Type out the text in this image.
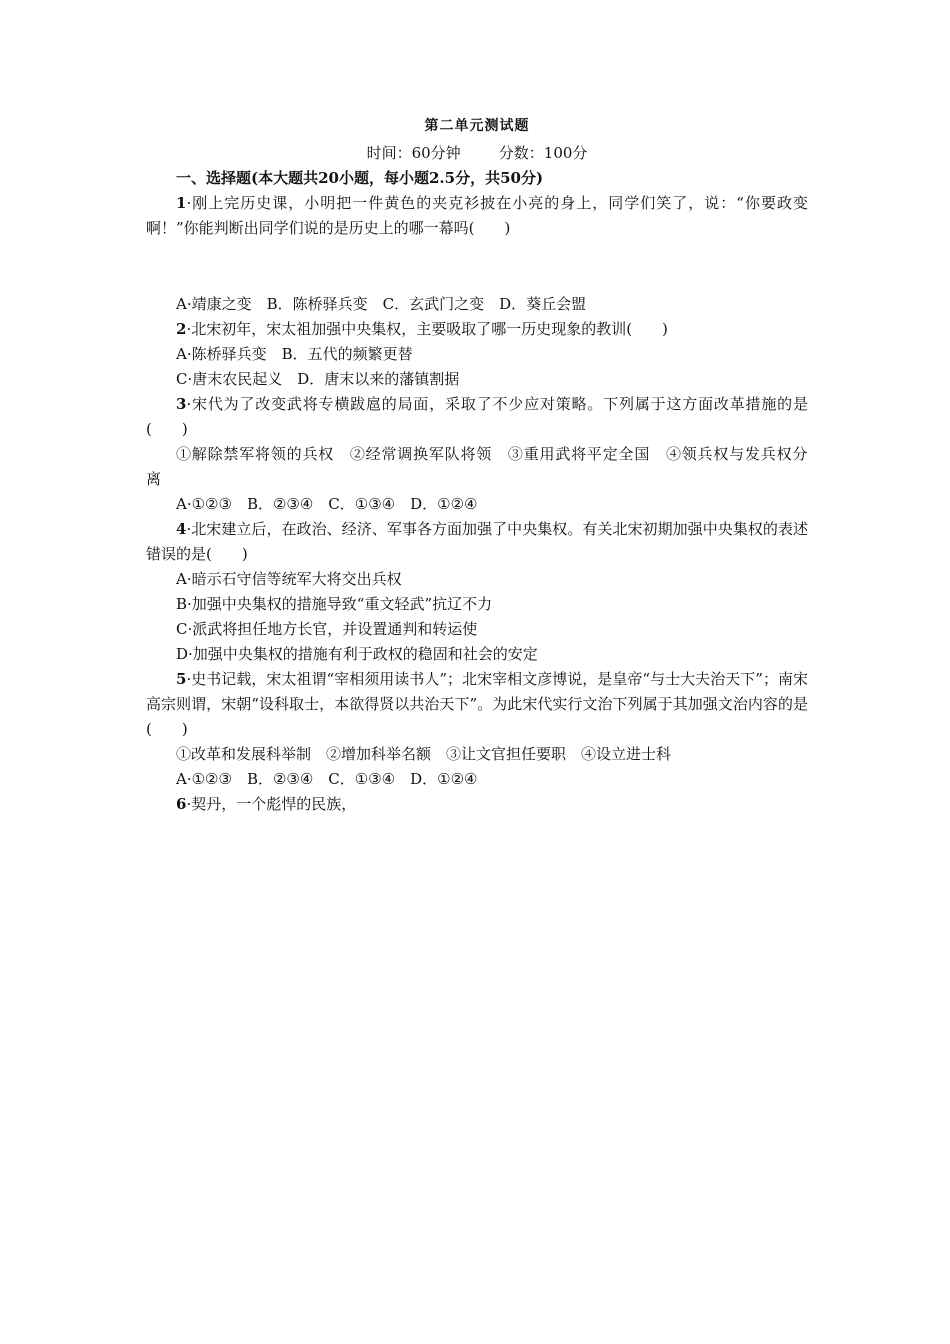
第二单元测试题
时间：60分钟        分数：100分
一、选择题(本大题共20小题，每小题2.5分，共50分)
1·刚上完历史课，小明把一件黄色的夹克衫披在小亮的身上，同学们笑了，说：“你要政变啊！”你能判断出同学们说的是历史上的哪一幕吗(　　)
A·靖康之变　B．陈桥驿兵变　C．玄武门之变　D．葵丘会盟
2·北宋初年，宋太祖加强中央集权，主要吸取了哪一历史现象的教训(　　)
A·陈桥驿兵变　B．五代的频繁更替
C·唐末农民起义　D．唐末以来的藩镇割据
3·宋代为了改变武将专横跋扈的局面，采取了不少应对策略。下列属于这方面改革措施的是(　　)
①解除禁军将领的兵权　②经常调换军队将领　③重用武将平定全国　④领兵权与发兵权分离
A·①②③　B．②③④　C．①③④　D．①②④
4·北宋建立后，在政治、经济、军事各方面加强了中央集权。有关北宋初期加强中央集权的表述错误的是(　　)
A·暗示石守信等统军大将交出兵权
B·加强中央集权的措施导致“重文轻武”抗辽不力
C·派武将担任地方长官，并设置通判和转运使
D·加强中央集权的措施有利于政权的稳固和社会的安定
5·史书记载，宋太祖谓“宰相须用读书人”；北宋宰相文彦博说，是皇帝“与士大夫治天下”；南宋高宗则谓，宋朝“设科取士，本欲得贤以共治天下”。为此宋代实行文治下列属于其加强文治内容的是(　　)
①改革和发展科举制　②增加科举名额　③让文官担任要职　④设立进士科
A·①②③　B．②③④　C．①③④　D．①②④
6·契丹，一个彪悍的民族，
